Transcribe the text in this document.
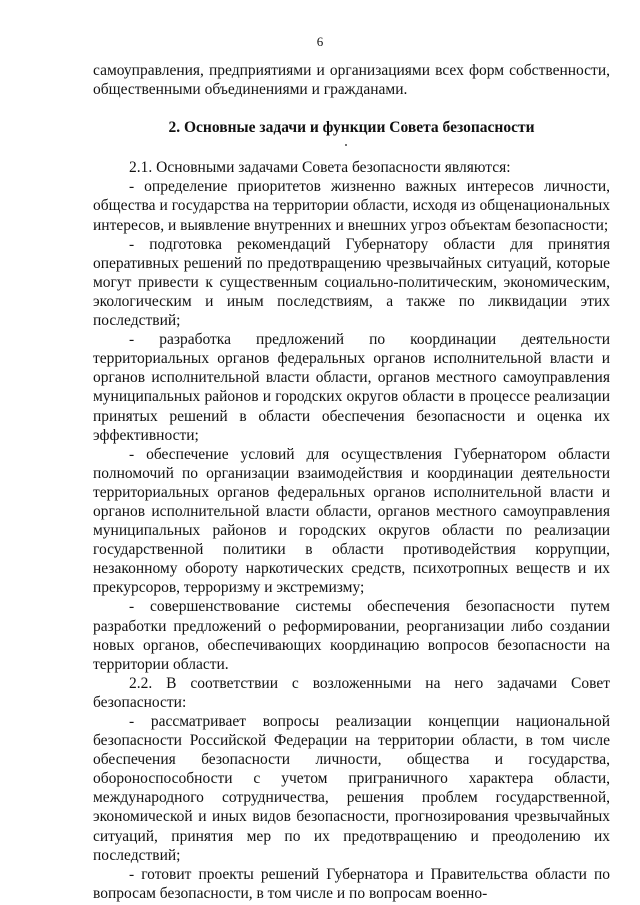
6

самоуправления, предприятиями и организациями всех форм собственности, общественными объединениями и гражданами.

2. Основные задачи и функции Совета безопасности

2.1. Основными задачами Совета безопасности являются:

- определение приоритетов жизненно важных интересов личности, общества и государства на территории области, исходя из общенациональных интересов, и выявление внутренних и внешних угроз объектам безопасности;

- подготовка рекомендаций Губернатору области для принятия оперативных решений по предотвращению чрезвычайных ситуаций, которые могут привести к существенным социально-политическим, экономическим, экологическим и иным последствиям, а также по ликвидации этих последствий;

- разработка предложений по координации деятельности территориальных органов федеральных органов исполнительной власти и органов исполнительной власти области, органов местного самоуправления муниципальных районов и городских округов области в процессе реализации принятых решений в области обеспечения безопасности и оценка их эффективности;

- обеспечение условий для осуществления Губернатором области полномочий по организации взаимодействия и координации деятельности территориальных органов федеральных органов исполнительной власти и органов исполнительной власти области, органов местного самоуправления муниципальных районов и городских округов области по реализации государственной политики в области противодействия коррупции, незаконному обороту наркотических средств, психотропных веществ и их прекурсоров, терроризму и экстремизму;

- совершенствование системы обеспечения безопасности путем разработки предложений о реформировании, реорганизации либо создании новых органов, обеспечивающих координацию вопросов безопасности на территории области.

2.2. В соответствии с возложенными на него задачами Совет безопасности:

- рассматривает вопросы реализации концепции национальной безопасности Российской Федерации на территории области, в том числе обеспечения безопасности личности, общества и государства, обороноспособности с учетом приграничного характера области, международного сотрудничества, решения проблем государственной, экономической и иных видов безопасности, прогнозирования чрезвычайных ситуаций, принятия мер по их предотвращению и преодолению их последствий;

- готовит проекты решений Губернатора и Правительства области по вопросам безопасности, в том числе и по вопросам военно-
